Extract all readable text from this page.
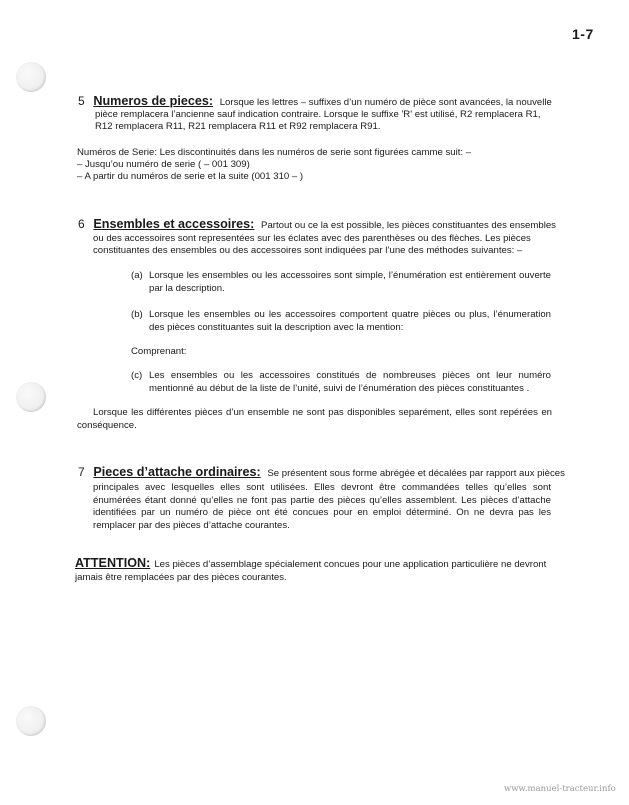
1-7
5 Numeros de pieces: Lorsque les lettres – suffixes d’un numéro de pièce sont avancées, la nouvelle
pièce remplacera l’ancienne sauf indication contraire. Lorsque le suffixe 'R' est utilisé, R2 remplacera R1,
R12 remplacera R11, R21 remplacera R11 et R92 remplacera R91.
Numéros de Serie: Les discontinuités dans les numéros de serie sont figurées camme suit: –
– Jusqu’ou numéro de serie ( – 001 309)
– A partir du numéros de serie et la suite (001 310 – )
6 Ensembles et accessoires: Partout ou ce la est possible, les pièces constituantes des ensembles
ou des accessoires sont representées sur les éclates avec des parenthèses ou des flèches. Les pièces
constituantes des ensembles ou des accessoires sont indiquées par l’une des méthodes suivantes: –
(a) Lorsque les ensembles ou les accessoires sont simple, l’énumération est entièrement ouverte par la description.
(b) Lorsque les ensembles ou les accessoires comportent quatre pièces ou plus, l’énumeration des pièces constituantes suit la description avec la mention:
Comprenant:
(c) Les ensembles ou les accessoires constitués de nombreuses pièces ont leur numéro mentionné au début de la liste de l’unité, suivi de l’énumération des pièces constituantes .
Lorsque les différentes pièces d’un ensemble ne sont pas disponibles separément, elles sont repérées en conséquence.
7 Pieces d’attache ordinaires: Se présentent sous forme abrégée et décalées par rapport aux pièces
principales avec lesquelles elles sont utilisées. Elles devront être commandées telles qu’elles sont énumérées étant donné qu’elles ne font pas partie des pièces qu’elles assemblent. Les pièces d’attache identifiées par un numéro de pièce ont été concues pour en emploi déterminé. On ne devra pas les remplacer par des pièces d’attache courantes.
ATTENTION: Les pièces d’assemblage spécialement concues pour une application particulière ne devront
jamais être remplacées par des pièces courantes.
www.manuel-tracteur.info
